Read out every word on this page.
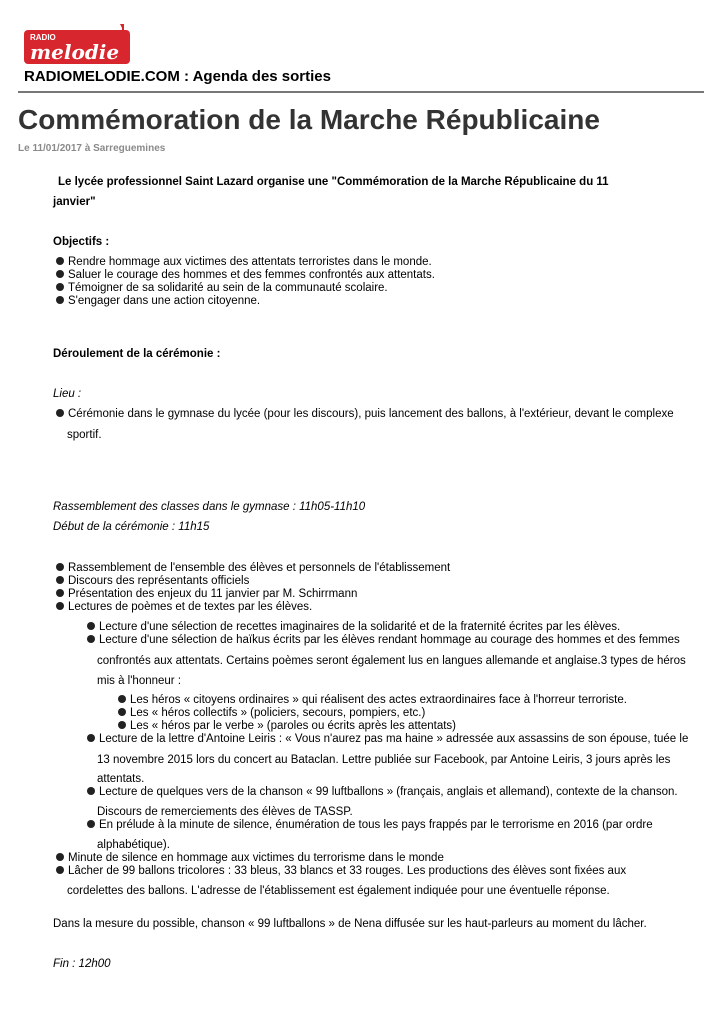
RADIO
melodie
RADIOMELODIE.COM : Agenda des sorties
Commémoration de la Marche Républicaine
Le 11/01/2017 à Sarreguemines
Le lycée professionnel Saint Lazard organise une "Commémoration de la Marche Républicaine du 11
janvier"
Objectifs :
Rendre hommage aux victimes des attentats terroristes dans le monde.
Saluer le courage des hommes et des femmes confrontés aux attentats.
Témoigner de sa solidarité au sein de la communauté scolaire.
S'engager dans une action citoyenne.
Déroulement de la cérémonie :
Lieu :
Cérémonie dans le gymnase du lycée (pour les discours), puis lancement des ballons, à l'extérieur, devant le complexe
sportif.
Rassemblement des classes dans le gymnase : 11h05-11h10
Début de la cérémonie : 11h15
Rassemblement de l'ensemble des élèves et personnels de l'établissement
Discours des représentants officiels
Présentation des enjeux du 11 janvier par M. Schirrmann
Lectures de poèmes et de textes par les élèves.
Lecture d'une sélection de recettes imaginaires de la solidarité et de la fraternité écrites par les élèves.
Lecture d'une sélection de haïkus écrits par les élèves rendant hommage au courage des hommes et des femmes
confrontés aux attentats. Certains poèmes seront également lus en langues allemande et anglaise.3 types de héros
mis à l'honneur :
Les héros « citoyens ordinaires » qui réalisent des actes extraordinaires face à l'horreur terroriste.
Les « héros collectifs » (policiers, secours, pompiers, etc.)
Les « héros par le verbe » (paroles ou écrits après les attentats)
Lecture de la lettre d'Antoine Leiris : « Vous n'aurez pas ma haine » adressée aux assassins de son épouse, tuée le
13 novembre 2015 lors du concert au Bataclan. Lettre publiée sur Facebook, par Antoine Leiris, 3 jours après les
attentats.
Lecture de quelques vers de la chanson « 99 luftballons » (français, anglais et allemand), contexte de la chanson.
Discours de remerciements des élèves de TASSP.
En prélude à la minute de silence, énumération de tous les pays frappés par le terrorisme en 2016 (par ordre
alphabétique).
Minute de silence en hommage aux victimes du terrorisme dans le monde
Lâcher de 99 ballons tricolores : 33 bleus, 33 blancs et 33 rouges. Les productions des élèves sont fixées aux
cordelettes des ballons. L'adresse de l'établissement est également indiquée pour une éventuelle réponse.
Dans la mesure du possible, chanson « 99 luftballons » de Nena diffusée sur les haut-parleurs au moment du lâcher.
Fin : 12h00
